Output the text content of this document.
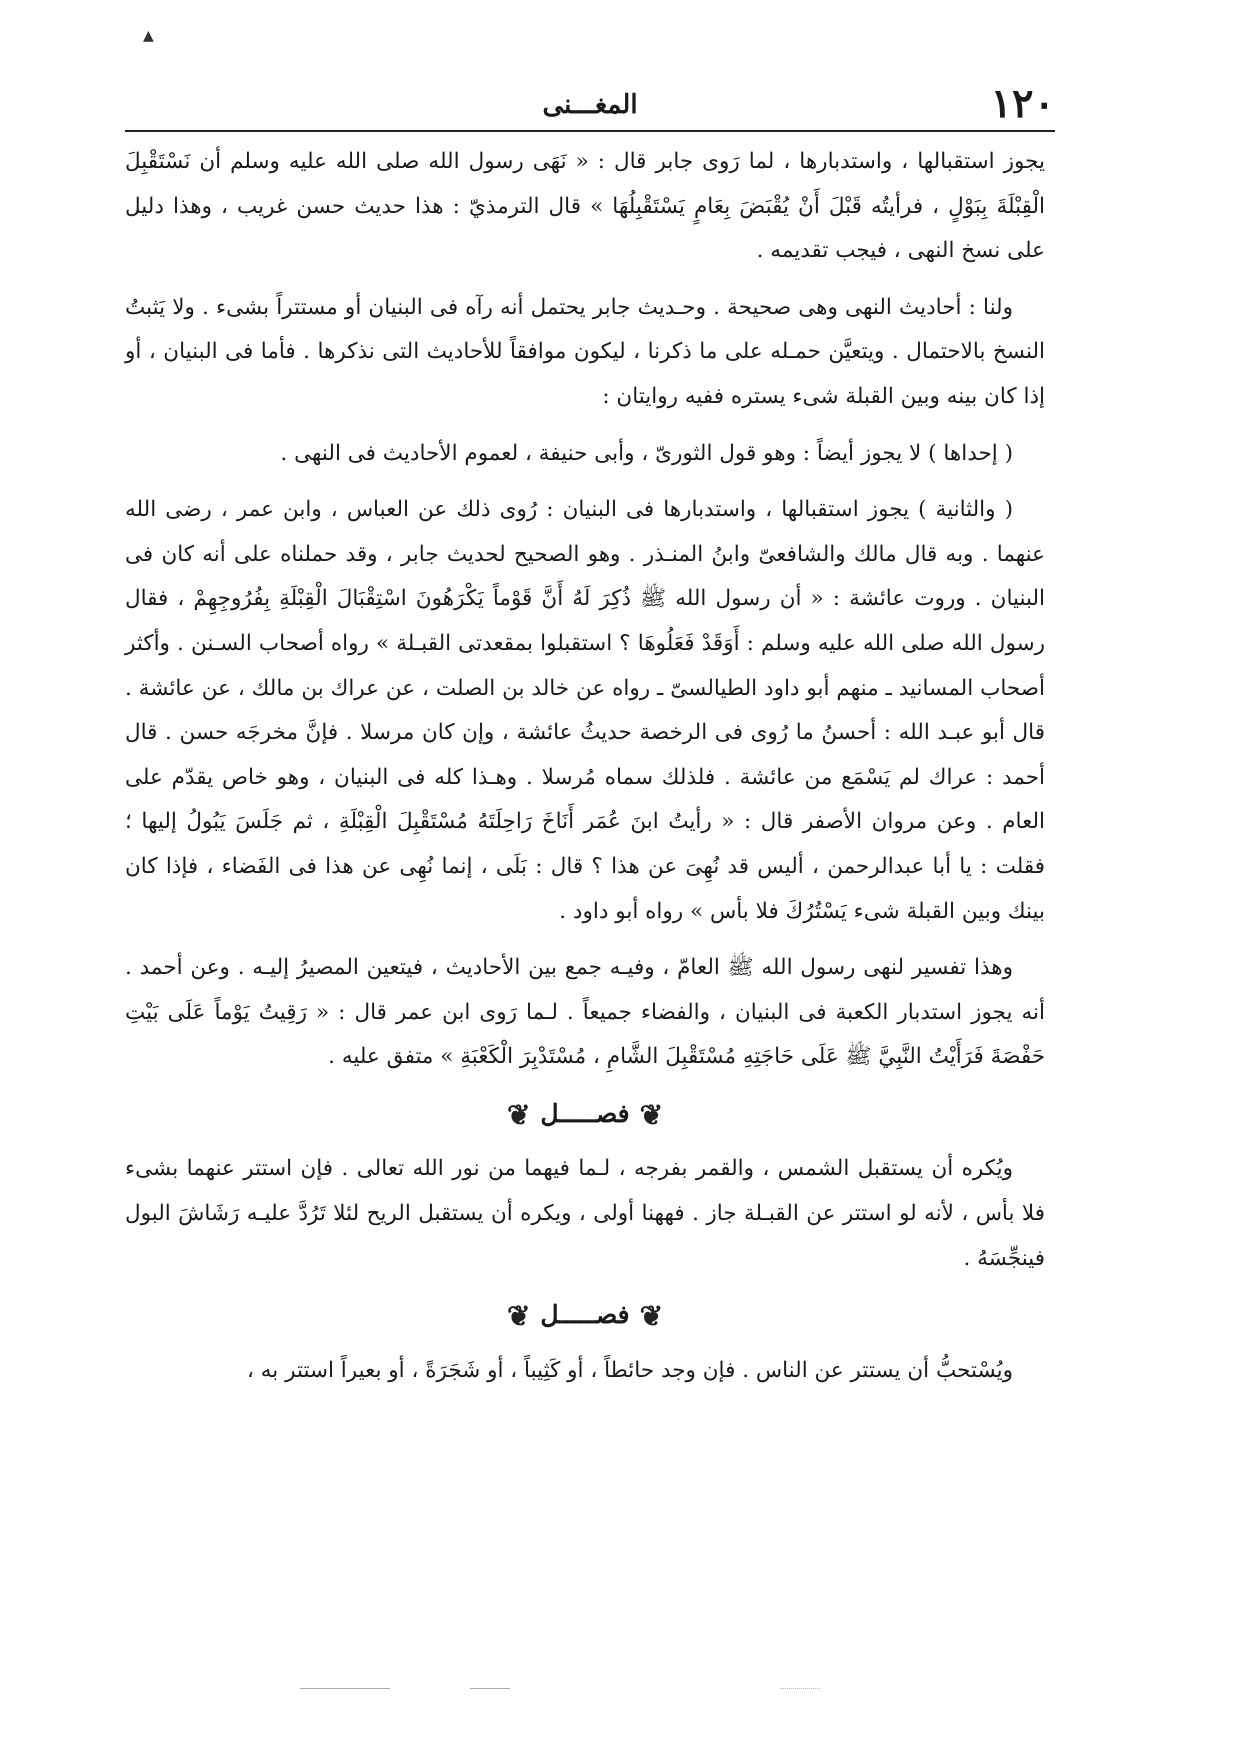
▲
١٢٠
المغـــنى

يجوز استقبالها ، واستدبارها ، لما رَوى جابر قال : « نَهَى رسول الله صلى الله عليه وسلم أن نَسْتَقْبِلَ الْقِبْلَةَ بِبَوْلٍ ، فرأيتُه قَبْلَ أَنْ يُقْبَضَ بِعَامٍ يَسْتَقْبِلُهَا » قال الترمذيّ : هذا حديث حسن غريب ، وهذا دليل على نسخ النهى ، فيجب تقديمه .

ولنا : أحاديث النهى وهى صحيحة . وحـديث جابر يحتمل أنه رآه فى البنيان أو مستتراً بشىء . ولا يَثبتُ النسخ بالاحتمال . ويتعيَّن حمـله على ما ذكرنا ، ليكون موافقاً للأحاديث التى نذكرها . فأما فى البنيان ، أو إذا كان بينه وبين القبلة شىء يستره ففيه روايتان :

( إحداها ) لا يجوز أيضاً : وهو قول الثورىّ ، وأبى حنيفة ، لعموم الأحاديث فى النهى .

( والثانية ) يجوز استقبالها ، واستدبارها فى البنيان : رُوى ذلك عن العباس ، وابن عمر ، رضى الله عنهما . وبه قال مالك والشافعىّ وابنُ المنـذر . وهو الصحيح لحديث جابر ، وقد حملناه على أنه كان فى البنيان . وروت عائشة : « أن رسول الله ﷺ ذُكِرَ لَهُ أَنَّ قَوْماً يَكْرَهُونَ اسْتِقْبَالَ الْقِبْلَةِ بِفُرُوجِهِمْ ، فقال رسول الله صلى الله عليه وسلم : أَوَقَدْ فَعَلُوهَا ؟ استقبلوا بمقعدتى القبـلة » رواه أصحاب السـنن . وأكثر أصحاب المسانيد ـ منهم أبو داود الطيالسىّ ـ رواه عن خالد بن الصلت ، عن عراك بن مالك ، عن عائشة . قال أبو عبـد الله : أحسنُ ما رُوى فى الرخصة حديثُ عائشة ، وإن كان مرسلا . فإنَّ مخرجَه حسن . قال أحمد : عراك لم يَسْمَع من عائشة . فلذلك سماه مُرسلا . وهـذا كله فى البنيان ، وهو خاص يقدّم على العام . وعن مروان الأصفر قال : « رأيتُ ابنَ عُمَر أَنَاخَ رَاحِلَتَهُ مُسْتَقْبِلَ الْقِبْلَةِ ، ثم جَلَسَ يَبُولُ إليها ؛ فقلت : يا أبا عبدالرحمن ، أليس قد نُهِىَ عن هذا ؟ قال : بَلَى ، إنما نُهِى عن هذا فى الفَضاء ، فإذا كان بينك وبين القبلة شىء يَسْتُرُكَ فلا بأس » رواه أبو داود .

وهذا تفسير لنهى رسول الله ﷺ العامّ ، وفيـه جمع بين الأحاديث ، فيتعين المصيرُ إليـه . وعن أحمد . أنه يجوز استدبار الكعبة فى البنيان ، والفضاء جميعاً . لـما رَوى ابن عمر قال : « رَقِيتُ يَوْماً عَلَى بَيْتِ حَفْصَةَ فَرَأَيْتُ النَّبِيَّ ﷺ عَلَى حَاجَتِهِ مُسْتَقْبِلَ الشَّامِ ، مُسْتَدْبِرَ الْكَعْبَةِ » متفق عليه .

❦فصـــــل❦

ويُكره أن يستقبل الشمس ، والقمر بفرجه ، لـما فيهما من نور الله تعالى . فإن استتر عنهما بشىء فلا بأس ، لأنه لو استتر عن القبـلة جاز . فههنا أولى ، ويكره أن يستقبل الريح لئلا تَرُدَّ عليـه رَشَاشَ البول فينجِّسَهُ .

❦فصـــــل❦

ويُسْتحبُّ أن يستتر عن الناس . فإن وجد حائطاً ، أو كَثِيباً ، أو شَجَرَةً ، أو بعيراً استتر به ،
